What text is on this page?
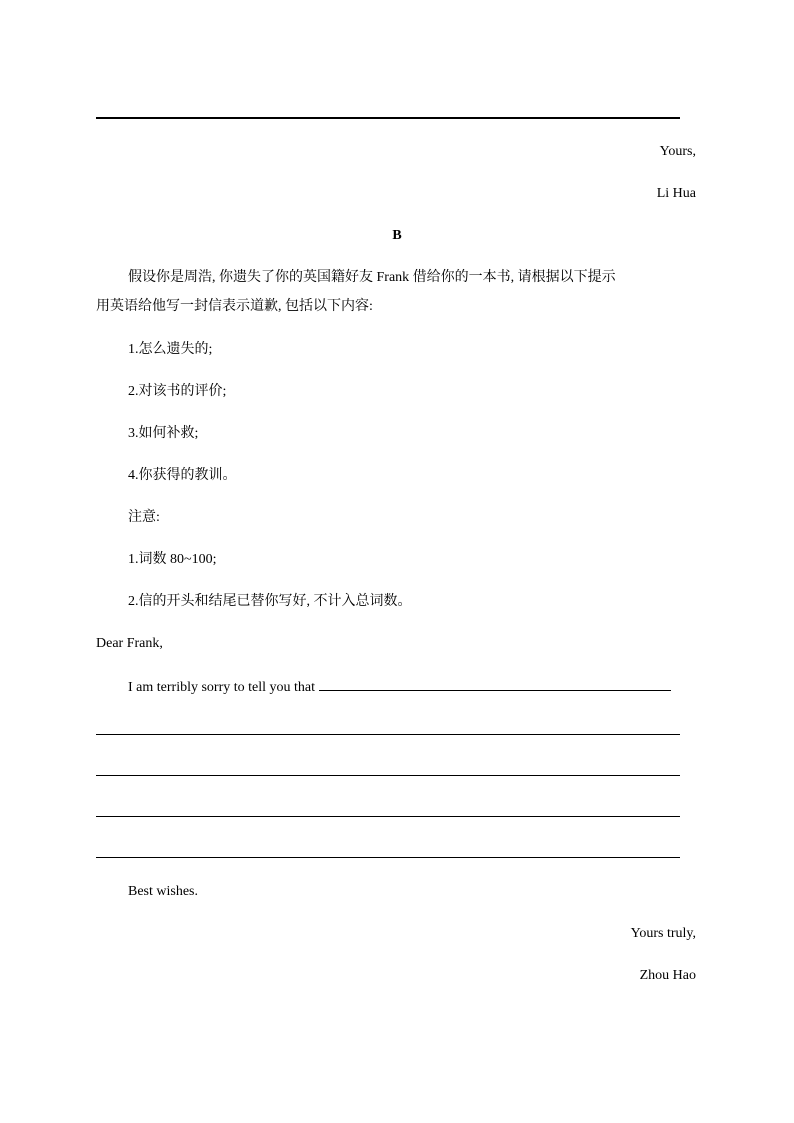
Yours,
Li Hua
B
假设你是周浩, 你遗失了你的英国籍好友 Frank 借给你的一本书, 请根据以下提示
用英语给他写一封信表示道歉, 包括以下内容:
1.怎么遗失的;
2.对该书的评价;
3.如何补救;
4.你获得的教训。
注意:
1.词数 80~100;
2.信的开头和结尾已替你写好, 不计入总词数。
Dear Frank,
I am terribly sorry to tell you that
Best wishes.
Yours truly,
Zhou Hao
